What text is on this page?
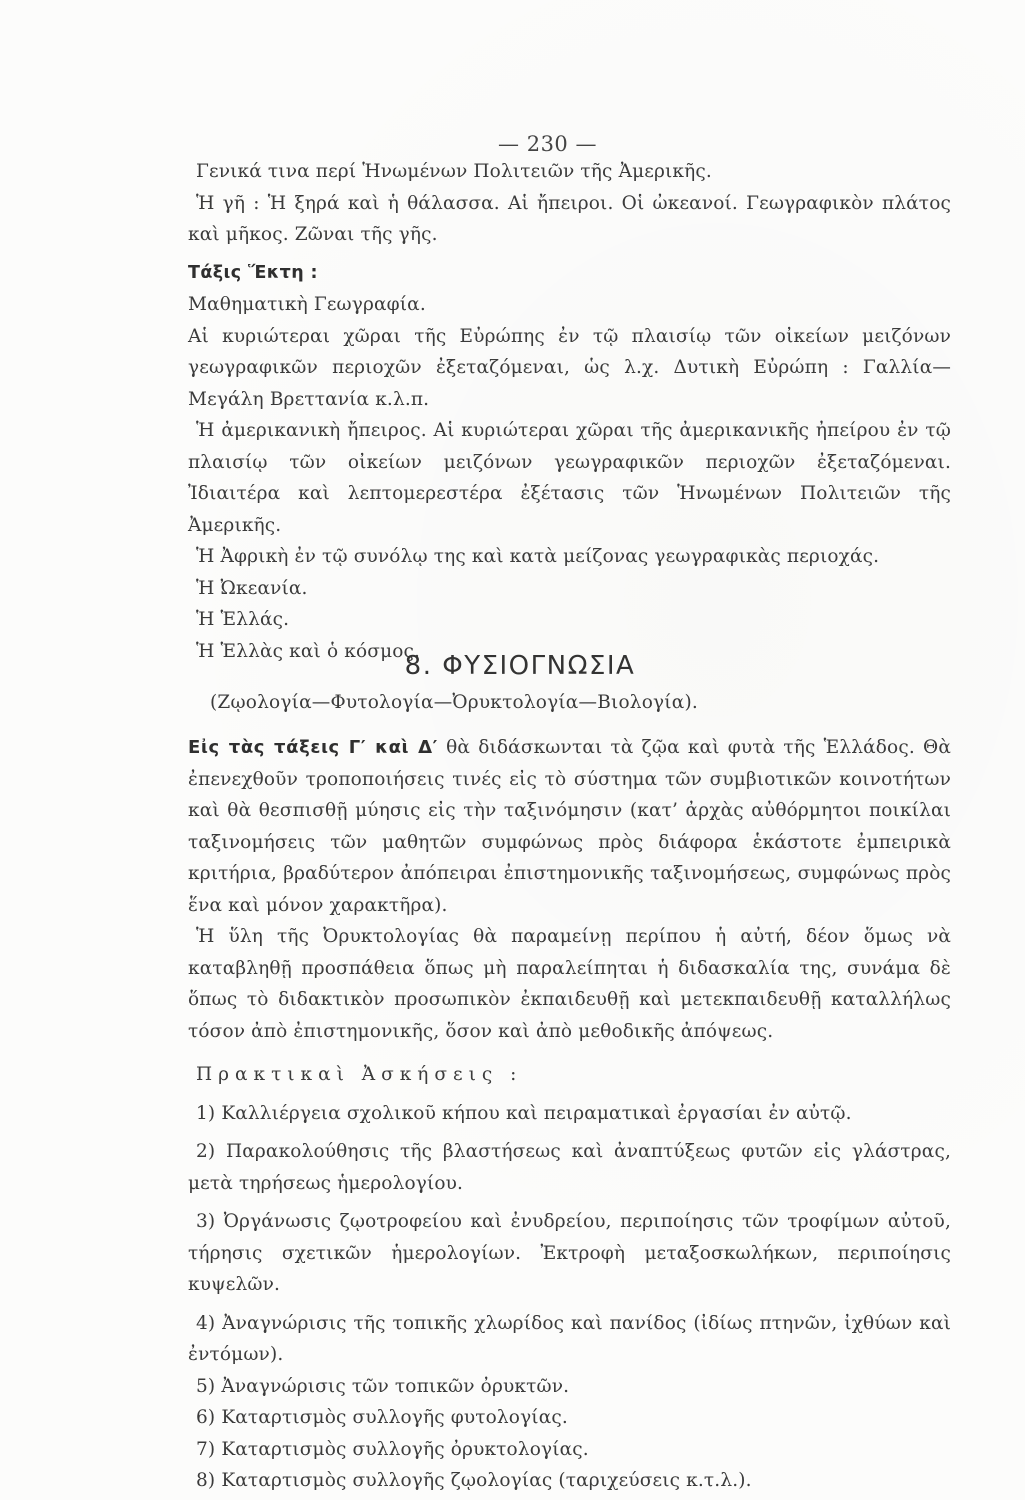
— 230 —

Γενικά τινα περί Ἡνωμένων Πολιτειῶν τῆς Ἀμερικῆς.

Ἡ γῆ : Ἡ ξηρά καὶ ἡ θάλασσα. Αἱ ἤπειροι. Οἱ ὠκεανοί. Γεωγραφικὸν πλάτος καὶ μῆκος. Ζῶναι τῆς γῆς.

Τάξις Ἕκτη :

Μαθηματικὴ Γεωγραφία.

Αἱ κυριώτεραι χῶραι τῆς Εὐρώπης ἐν τῷ πλαισίῳ τῶν οἰκείων μειζόνων γεωγραφικῶν περιοχῶν ἐξεταζόμεναι, ὡς λ.χ. Δυτικὴ Εὐρώπη : Γαλλία—Μεγάλη Βρεττανία κ.λ.π.

Ἡ ἀμερικανικὴ ἤπειρος. Αἱ κυριώτεραι χῶραι τῆς ἀμερικανικῆς ἠπείρου ἐν τῷ πλαισίῳ τῶν οἰκείων μειζόνων γεωγραφικῶν περιοχῶν ἐξεταζόμεναι. Ἰδιαιτέρα καὶ λεπτομερεστέρα ἐξέτασις τῶν Ἡνωμένων Πολιτειῶν τῆς Ἀμερικῆς.

Ἡ Ἀφρικὴ ἐν τῷ συνόλῳ της καὶ κατὰ μείζονας γεωγραφικὰς περιοχάς.

Ἡ Ὠκεανία.

Ἡ Ἑλλάς.

Ἡ Ἑλλὰς καὶ ὁ κόσμος.

8. ΦΥΣΙΟΓΝΩΣΙΑ
(Ζῳολογία—Φυτολογία—Ὀρυκτολογία—Βιολογία).

Εἰς τὰς τάξεις Γ′ καὶ Δ′ θὰ διδάσκωνται τὰ ζῷα καὶ φυτὰ τῆς Ἑλλάδος. Θὰ ἐπενεχθοῦν τροποποιήσεις τινές εἰς τὸ σύστημα τῶν συμβιοτικῶν κοινοτήτων καὶ θὰ θεσπισθῇ μύησις εἰς τὴν ταξινόμησιν (κατ’ ἀρχὰς αὐθόρμητοι ποικίλαι ταξινομήσεις τῶν μαθητῶν συμφώνως πρὸς διάφορα ἑκάστοτε ἐμπειρικὰ κριτήρια, βραδύτερον ἀπόπειραι ἐπιστημονικῆς ταξινομήσεως, συμφώνως πρὸς ἕνα καὶ μόνον χαρακτῆρα).

Ἡ ὕλη τῆς Ὀρυκτολογίας θὰ παραμείνῃ περίπου ἡ αὐτή, δέον ὅμως νὰ καταβληθῇ προσπάθεια ὅπως μὴ παραλείπηται ἡ διδασκαλία της, συνάμα δὲ ὅπως τὸ διδακτικὸν προσωπικὸν ἐκπαιδευθῇ καὶ μετεκπαιδευθῇ καταλλήλως τόσον ἀπὸ ἐπιστημονικῆς, ὅσον καὶ ἀπὸ μεθοδικῆς ἀπόψεως.

Πρακτικαὶ Ἀσκήσεις :

1) Καλλιέργεια σχολικοῦ κήπου καὶ πειραματικαὶ ἐργασίαι ἐν αὐτῷ.

2) Παρακολούθησις τῆς βλαστήσεως καὶ ἀναπτύξεως φυτῶν εἰς γλάστρας, μετὰ τηρήσεως ἡμερολογίου.

3) Ὀργάνωσις ζῳοτροφείου καὶ ἐνυδρείου, περιποίησις τῶν τροφίμων αὐτοῦ, τήρησις σχετικῶν ἡμερολογίων. Ἐκτροφὴ μεταξοσκωλήκων, περιποίησις κυψελῶν.

4) Ἀναγνώρισις τῆς τοπικῆς χλωρίδος καὶ πανίδος (ἰδίως πτηνῶν, ἰχθύων καὶ ἐντόμων).

5) Ἀναγνώρισις τῶν τοπικῶν ὀρυκτῶν.

6) Καταρτισμὸς συλλογῆς φυτολογίας.

7) Καταρτισμὸς συλλογῆς ὀρυκτολογίας.

8) Καταρτισμὸς συλλογῆς ζῳολογίας (ταριχεύσεις κ.τ.λ.).
